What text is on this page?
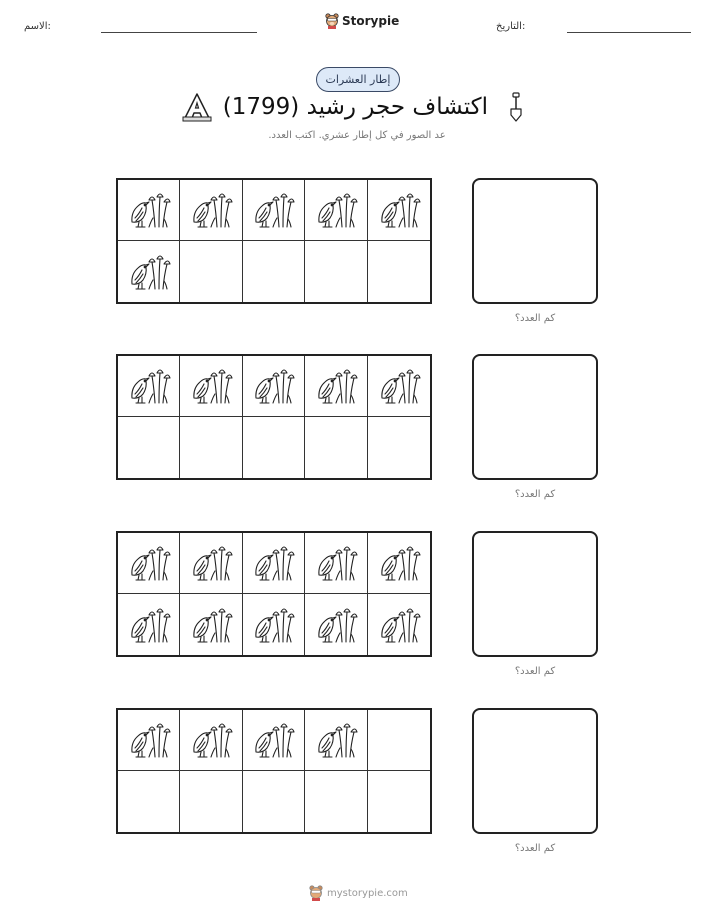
الاسم:	Storypie	التاريخ:
إطار العشرات
اكتشاف حجر رشيد (1799)
عد الصور في كل إطار عشري. اكتب العدد.
كم العدد؟
كم العدد؟
كم العدد؟
كم العدد؟
mystorypie.com
